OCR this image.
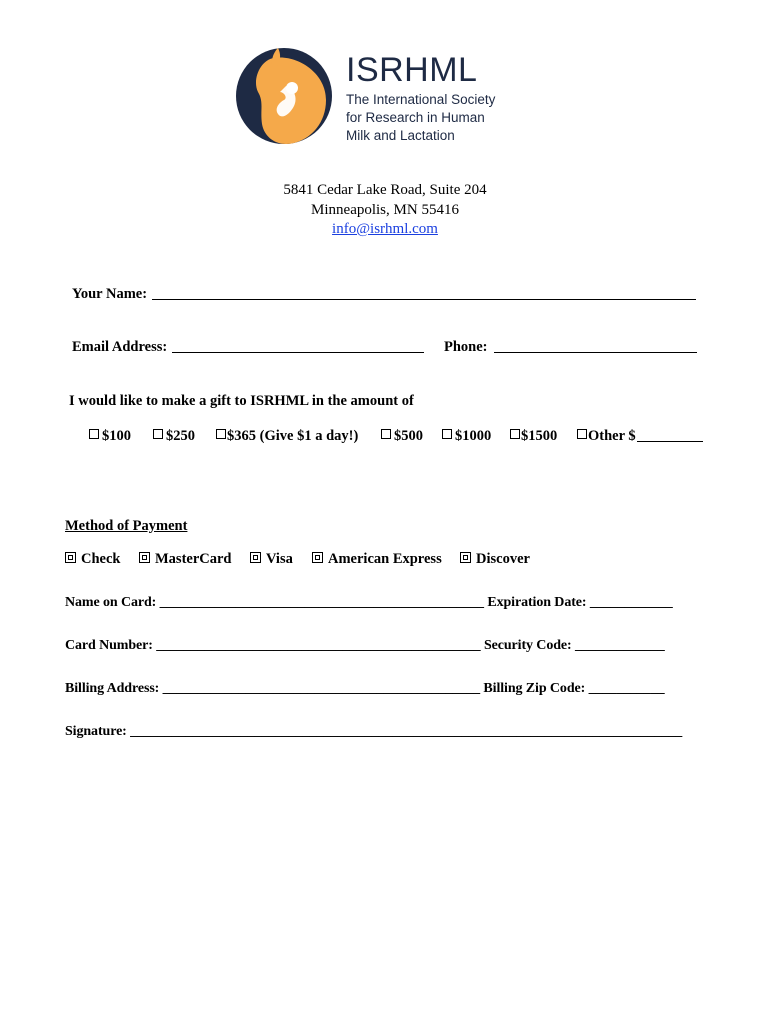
ISRHML
The International Society
for Research in Human
Milk and Lactation
5841 Cedar Lake Road, Suite 204
Minneapolis, MN 55416
info@isrhml.com
Your Name:
Email Address:	Phone:
I would like to make a gift to ISRHML in the amount of
$100	$250	$365 (Give $1 a day!)	$500	$1000	$1500	Other $
Method of Payment
Check	MasterCard	Visa	American Express	Discover
Name on Card: _______________________________________________ Expiration Date: ____________
Card Number: _______________________________________________ Security Code: _____________
Billing Address: ______________________________________________ Billing Zip Code: ___________
Signature: ________________________________________________________________________________
